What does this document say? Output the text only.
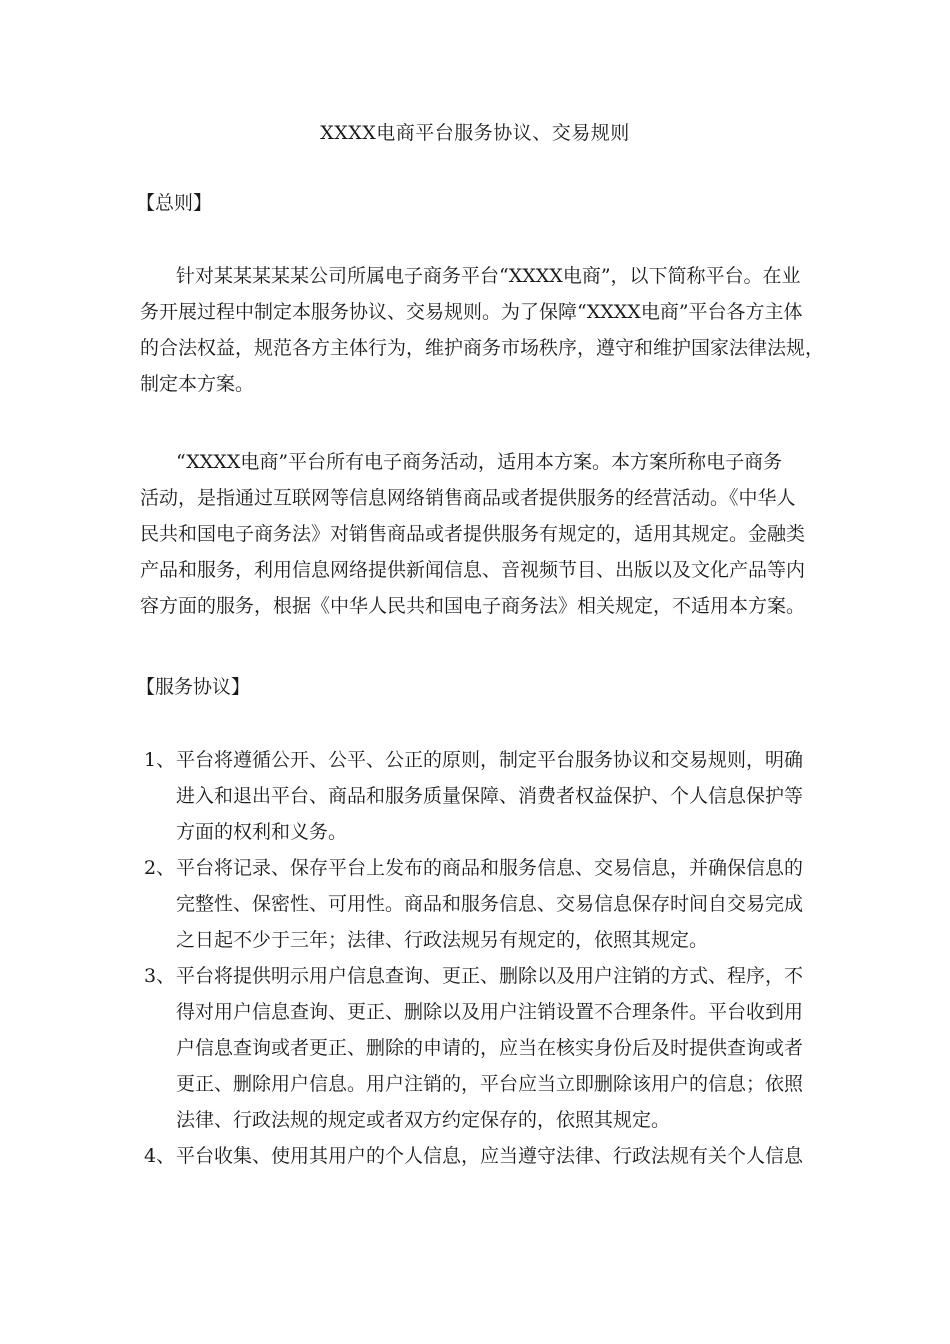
XXXX电商平台服务协议、交易规则
【总则】
针对某某某某某公司所属电子商务平台“XXXX电商”，以下简称平台。在业
务开展过程中制定本服务协议、交易规则。为了保障“XXXX电商”平台各方主体
的合法权益，规范各方主体行为，维护商务市场秩序，遵守和维护国家法律法规，
制定本方案。
“XXXX电商”平台所有电子商务活动，适用本方案。本方案所称电子商务
活动，是指通过互联网等信息网络销售商品或者提供服务的经营活动。《中华人
民共和国电子商务法》对销售商品或者提供服务有规定的，适用其规定。金融类
产品和服务，利用信息网络提供新闻信息、音视频节目、出版以及文化产品等内
容方面的服务，根据《中华人民共和国电子商务法》相关规定，不适用本方案。
【服务协议】
1、 平台将遵循公开、公平、公正的原则，制定平台服务协议和交易规则，明确
进入和退出平台、商品和服务质量保障、消费者权益保护、个人信息保护等
方面的权利和义务。
2、 平台将记录、保存平台上发布的商品和服务信息、交易信息，并确保信息的
完整性、保密性、可用性。商品和服务信息、交易信息保存时间自交易完成
之日起不少于三年；法律、行政法规另有规定的，依照其规定。
3、 平台将提供明示用户信息查询、更正、删除以及用户注销的方式、程序，不
得对用户信息查询、更正、删除以及用户注销设置不合理条件。平台收到用
户信息查询或者更正、删除的申请的，应当在核实身份后及时提供查询或者
更正、删除用户信息。用户注销的，平台应当立即删除该用户的信息；依照
法律、行政法规的规定或者双方约定保存的，依照其规定。
4、 平台收集、使用其用户的个人信息，应当遵守法律、行政法规有关个人信息
